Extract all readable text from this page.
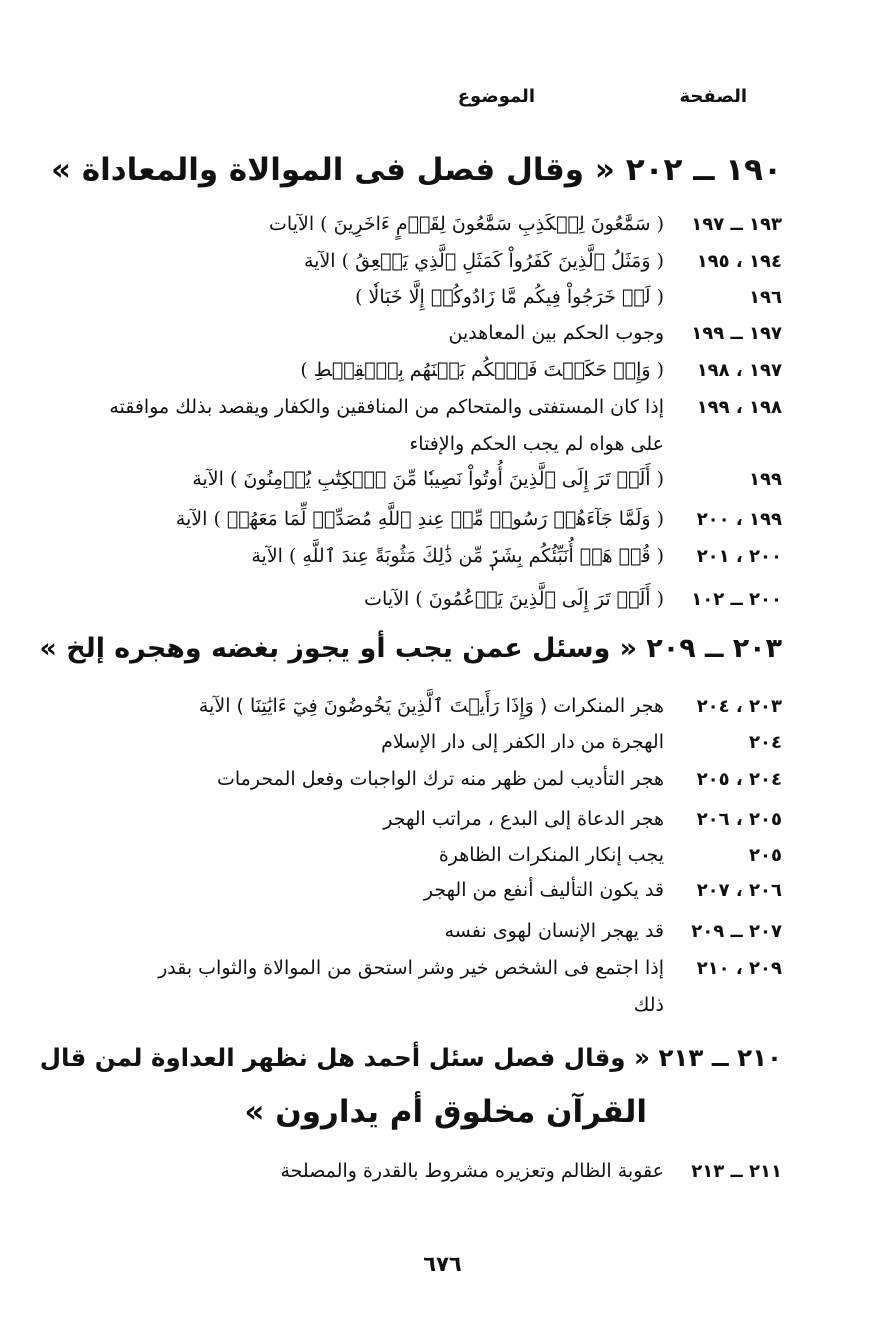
الصفحة
الموضوع
١٩٠ ــ ٢٠٢ « وقال فصل فى الموالاة والمعاداة »
١٩٣ ــ ١٩٧
( سَمَّٰعُونَ لِلۡكَذِبِ سَمَّٰعُونَ لِقَوۡمٍ ءَاخَرِينَ ) الآيات
١٩٤ ، ١٩٥
( وَمَثَلُ ٱلَّذِينَ كَفَرُواْ كَمَثَلِ ٱلَّذِي يَنۡعِقُ ) الآية
١٩٦
( لَوۡ خَرَجُواْ فِيكُم مَّا زَادُوكُمۡ إِلَّا خَبَالٗا )
١٩٧ ــ ١٩٩
وجوب الحكم بين المعاهدين
١٩٧ ، ١٩٨
( وَإِنۡ حَكَمۡتَ فَٱحۡكُم بَيۡنَهُم بِٱلۡقِسۡطِ )
١٩٨ ، ١٩٩
إذا كان المستفتى والمتحاكم من المنافقين والكفار ويقصد بذلك موافقته
على هواه لم يجب الحكم والإفتاء
١٩٩
( أَلَمۡ تَرَ إِلَى ٱلَّذِينَ أُوتُواْ نَصِيبٗا مِّنَ ٱلۡكِتَٰبِ يُؤۡمِنُونَ ) الآية
١٩٩ ، ٢٠٠
( وَلَمَّا جَآءَهُمۡ رَسُولٞ مِّنۡ عِندِ ٱللَّهِ مُصَدِّقٞ لِّمَا مَعَهُمۡ ) الآية
٢٠٠ ، ٢٠١
( قُلۡ هَلۡ أُنَبِّئُكُم بِشَرّٖ مِّن ذَٰلِكَ مَثُوبَةً عِندَ ٱللَّهِ ) الآية
٢٠٠ ــ ١٠٢
( أَلَمۡ تَرَ إِلَى ٱلَّذِينَ يَزۡعُمُونَ ) الآيات
٢٠٣ ــ ٢٠٩ « وسئل عمن يجب أو يجوز بغضه وهجره إلخ »
٢٠٣ ، ٢٠٤
هجر المنكرات ( وَإِذَا رَأَيۡتَ ٱلَّذِينَ يَخُوضُونَ فِيٓ ءَايَٰتِنَا ) الآية
٢٠٤
الهجرة من دار الكفر إلى دار الإسلام
٢٠٤ ، ٢٠٥
هجر التأديب لمن ظهر منه ترك الواجبات وفعل المحرمات
٢٠٥ ، ٢٠٦
هجر الدعاة إلى البدع ، مراتب الهجر
٢٠٥
يجب إنكار المنكرات الظاهرة
٢٠٦ ، ٢٠٧
قد يكون التأليف أنفع من الهجر
٢٠٧ ــ ٢٠٩
قد يهجر الإنسان لهوى نفسه
٢٠٩ ، ٢١٠
إذا اجتمع فى الشخص خير وشر استحق من الموالاة والثواب بقدر
ذلك
٢١٠ ــ ٢١٣ « وقال فصل سئل أحمد هل نظهر العداوة لمن قال
القرآن مخلوق أم يدارون »
٢١١ ــ ٢١٣
عقوبة الظالم وتعزيره مشروط بالقدرة والمصلحة
٦٧٦
